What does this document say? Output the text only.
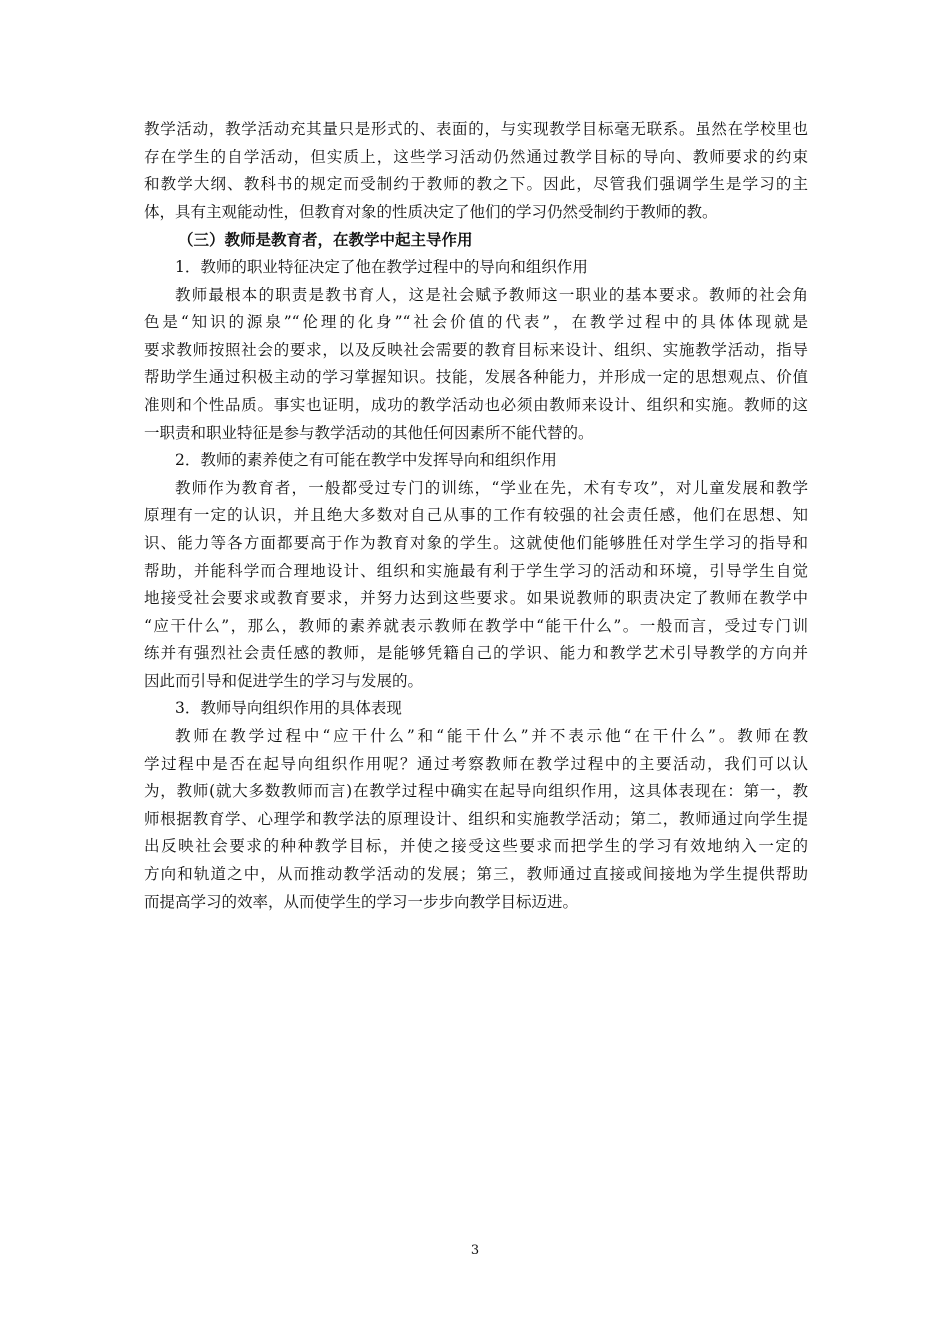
教学活动，教学活动充其量只是形式的、表面的，与实现教学目标毫无联系。虽然在学校里也
存在学生的自学活动，但实质上，这些学习活动仍然通过教学目标的导向、教师要求的约束
和教学大纲、教科书的规定而受制约于教师的教之下。因此，尽管我们强调学生是学习的主
体，具有主观能动性，但教育对象的性质决定了他们的学习仍然受制约于教师的教。
（三）教师是教育者，在教学中起主导作用
1．教师的职业特征决定了他在教学过程中的导向和组织作用
教师最根本的职责是教书育人，这是社会赋予教师这一职业的基本要求。教师的社会角
色是“知识的源泉”“伦理的化身”“社会价值的代表”，在教学过程中的具体体现就是
要求教师按照社会的要求，以及反映社会需要的教育目标来设计、组织、实施教学活动，指导
帮助学生通过积极主动的学习掌握知识。技能，发展各种能力，并形成一定的思想观点、价值
准则和个性品质。事实也证明，成功的教学活动也必须由教师来设计、组织和实施。教师的这
一职责和职业特征是参与教学活动的其他任何因素所不能代替的。
2．教师的素养使之有可能在教学中发挥导向和组织作用
教师作为教育者，一般都受过专门的训练，“学业在先，术有专攻”，对儿童发展和教学
原理有一定的认识，并且绝大多数对自己从事的工作有较强的社会责任感，他们在思想、知
识、能力等各方面都要高于作为教育对象的学生。这就使他们能够胜任对学生学习的指导和
帮助，并能科学而合理地设计、组织和实施最有利于学生学习的活动和环境，引导学生自觉
地接受社会要求或教育要求，并努力达到这些要求。如果说教师的职责决定了教师在教学中
“应干什么”，那么，教师的素养就表示教师在教学中“能干什么”。一般而言，受过专门训
练并有强烈社会责任感的教师，是能够凭籍自己的学识、能力和教学艺术引导教学的方向并
因此而引导和促进学生的学习与发展的。
3．教师导向组织作用的具体表现
教师在教学过程中“应干什么”和“能干什么”并不表示他“在干什么”。教师在教
学过程中是否在起导向组织作用呢？通过考察教师在教学过程中的主要活动，我们可以认
为，教师(就大多数教师而言)在教学过程中确实在起导向组织作用，这具体表现在：第一，教
师根据教育学、心理学和教学法的原理设计、组织和实施教学活动；第二，教师通过向学生提
出反映社会要求的种种教学目标，并使之接受这些要求而把学生的学习有效地纳入一定的
方向和轨道之中，从而推动教学活动的发展；第三，教师通过直接或间接地为学生提供帮助
而提高学习的效率，从而使学生的学习一步步向教学目标迈进。
3
